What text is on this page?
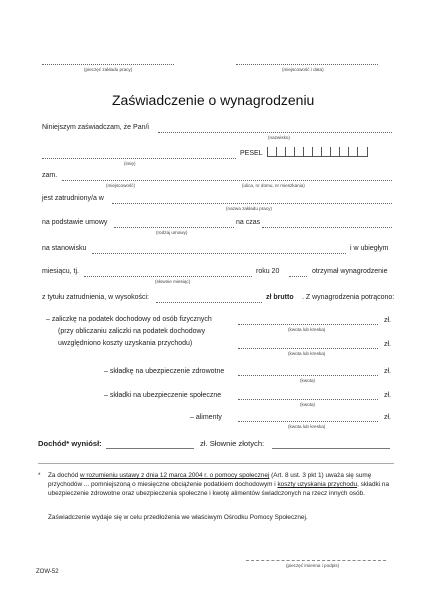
(pieczęć zakładu pracy)	(miejscowość i data)
Zaświadczenie o wynagrodzeniu
Niniejszym zaświadczam, że Pan/i
(nazwisko)
(imię)
PESEL
zam.
(miejscowość)	(ulica, nr domu, nr mieszkania)
jest zatrudniony/a w
(nazwa zakładu pracy)
na podstawie umowy
(rodzaj umowy)
na czas
na stanowisku	i w ubiegłym
miesiącu, tj.
(słownie miesiąc)
roku 20	otrzymał wynagrodzenie
z tytułu zatrudnienia, w wysokości:	zł brutto . Z wynagrodzenia potrącono:
– zaliczkę na podatek dochodowy od osób fizycznych
(przy obliczaniu zaliczki na podatek dochodowy
uwzględniono koszty uzyskania przychodu)
(kwota lub kreska)
zł.
(kwota lub kreska)
zł.
– składkę na ubezpieczenie zdrowotne
(kwota)
zł.
– składki na ubezpieczenie społeczne
(kwota)
zł.
– alimenty
(kwota lub kreska)
zł.
Dochód* wyniósł:	zł. Słownie złotych:
* Za dochód w rozumieniu ustawy z dnia 12 marca 2004 r. o pomocy społecznej (Art. 8 ust. 3 pkt 1) uważa się sumę przychodów ... pomniejszoną o miesięczne obciążenie podatkiem dochodowym i koszty uzyskania przychodu, składki na ubezpieczenie zdrowotne oraz ubezpieczenia społeczne i kwotę alimentów świadczonych na rzecz innych osób.
Zaświadczenie wydaje się w celu przedłożenia we właściwym Ośrodku Pomocy Społecznej.
(pieczęć imienna i podpis)
ZOW-52
